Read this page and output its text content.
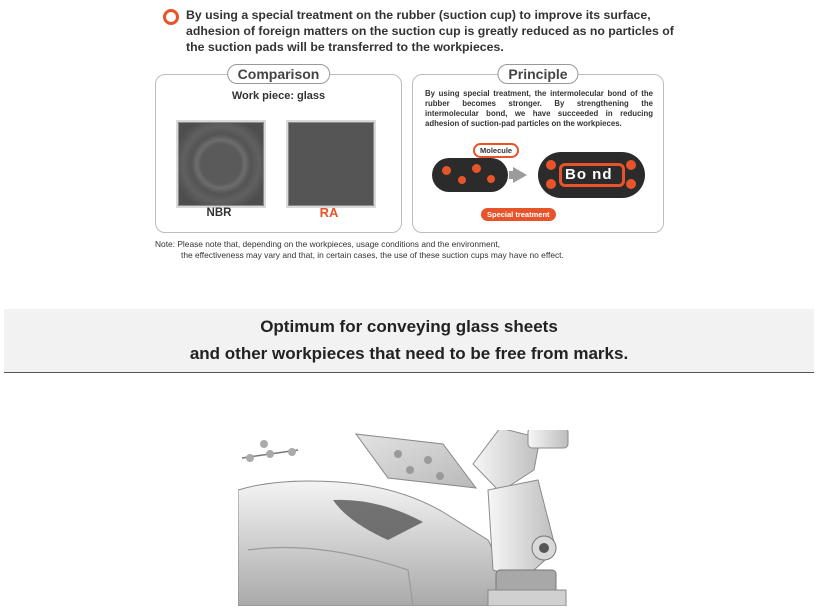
By using a special treatment on the rubber (suction cup) to improve its surface, adhesion of foreign matters on the suction cup is greatly reduced as no particles of the suction pads will be transferred to the workpieces.
Comparison
Work piece: glass
NBR	RA
Principle
By using special treatment, the intermolecular bond of the rubber becomes stronger. By strengthening the intermolecular bond, we have succeeded in reducing adhesion of suction-pad particles on the workpieces.
Molecule
Bo nd
Special treatment
Note: Please note that, depending on the workpieces, usage conditions and the environment,
the effectiveness may vary and that, in certain cases, the use of these suction cups may have no effect.
Optimum for conveying glass sheets
and other workpieces that need to be free from marks.
